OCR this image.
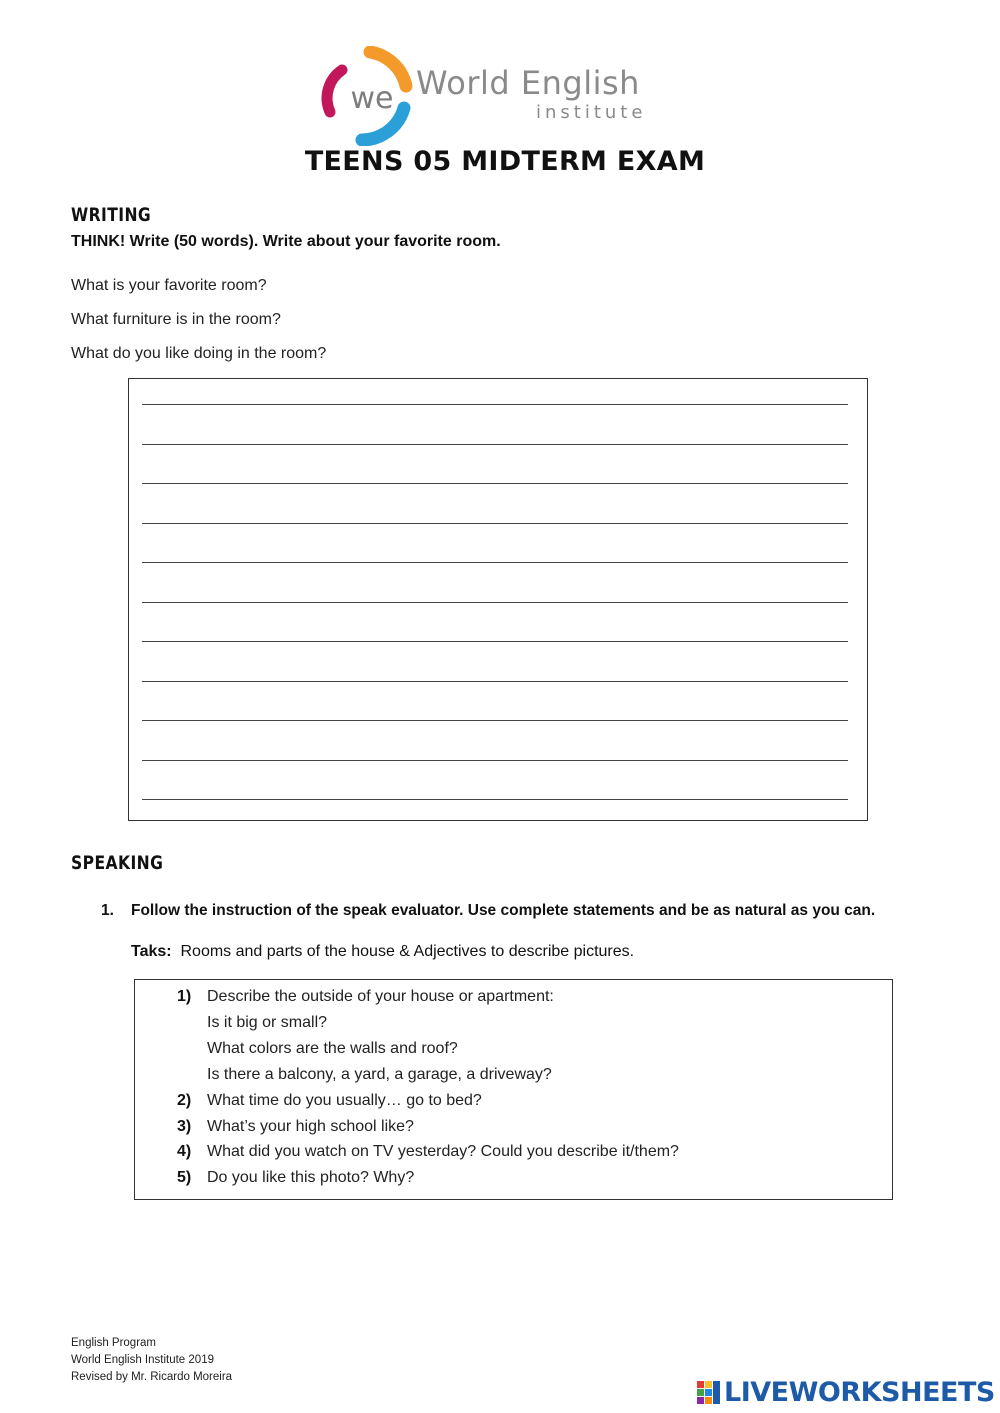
we World English
institute
TEENS 05 MIDTERM EXAM
WRITING
THINK! Write (50 words). Write about your favorite room.
What is your favorite room?
What furniture is in the room?
What do you like doing in the room?
SPEAKING
1. Follow the instruction of the speak evaluator. Use complete statements and be as natural as you can.
Taks: Rooms and parts of the house & Adjectives to describe pictures.
1) Describe the outside of your house or apartment:
Is it big or small?
What colors are the walls and roof?
Is there a balcony, a yard, a garage, a driveway?
2) What time do you usually… go to bed?
3) What’s your high school like?
4) What did you watch on TV yesterday? Could you describe it/them?
5) Do you like this photo? Why?
English Program
World English Institute 2019
Revised by Mr. Ricardo Moreira	LIVEWORKSHEETS
